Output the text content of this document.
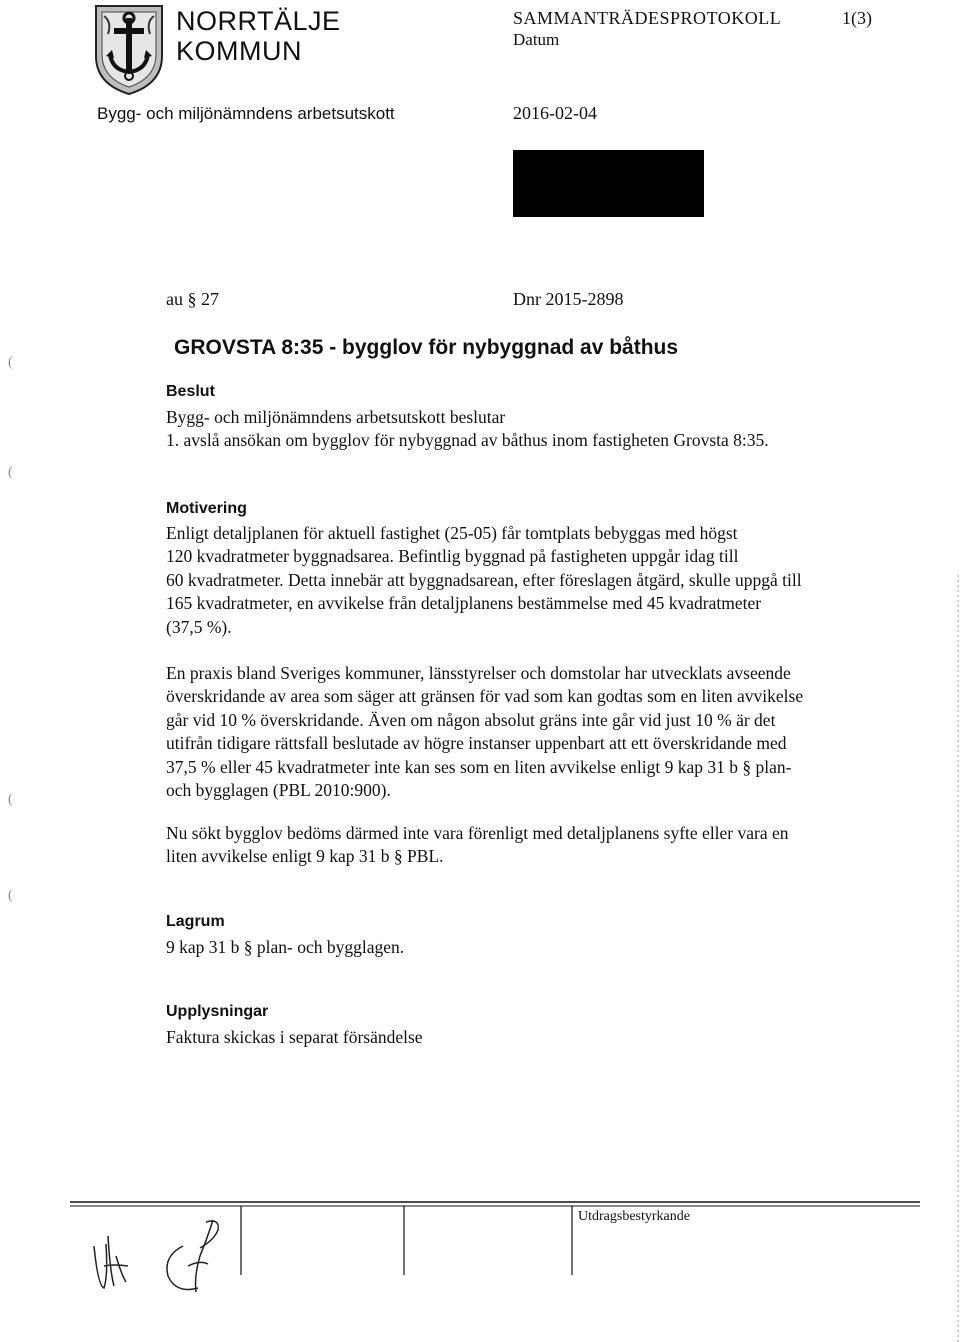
NORRTÄLJE
KOMMUN
SAMMANTRÄDESPROTOKOLL	1(3)
Datum
Bygg- och miljönämndens arbetsutskott	2016-02-04
au § 27	Dnr 2015-2898
GROVSTA 8:35 - bygglov för nybyggnad av båthus
Beslut

Bygg- och miljönämndens arbetsutskott beslutar

1. avslå ansökan om bygglov för nybyggnad av båthus inom fastigheten Grovsta 8:35.

Motivering

Enligt detaljplanen för aktuell fastighet (25-05) får tomtplats bebyggas med högst

120 kvadratmeter byggnadsarea. Befintlig byggnad på fastigheten uppgår idag till

60 kvadratmeter. Detta innebär att byggnadsarean, efter föreslagen åtgärd, skulle uppgå till

165 kvadratmeter, en avvikelse från detaljplanens bestämmelse med 45 kvadratmeter

(37,5 %).

En praxis bland Sveriges kommuner, länsstyrelser och domstolar har utvecklats avseende

överskridande av area som säger att gränsen för vad som kan godtas som en liten avvikelse

går vid 10 % överskridande. Även om någon absolut gräns inte går vid just 10 % är det

utifrån tidigare rättsfall beslutade av högre instanser uppenbart att ett överskridande med

37,5 % eller 45 kvadratmeter inte kan ses som en liten avvikelse enligt 9 kap 31 b § plan-

och bygglagen (PBL 2010:900).

Nu sökt bygglov bedöms därmed inte vara förenligt med detaljplanens syfte eller vara en

liten avvikelse enligt 9 kap 31 b § PBL.

Lagrum
9 kap 31 b § plan- och bygglagen.
Upplysningar
Faktura skickas i separat försändelse
Utdragsbestyrkande
(
(
(
(
